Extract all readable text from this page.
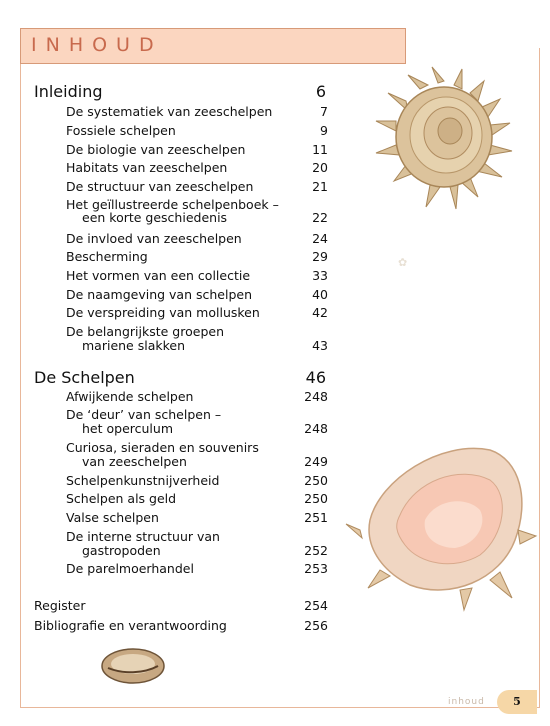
INHOUD
Inleiding	6
De systematiek van zeeschelpen	7
Fossiele schelpen	9
De biologie van zeeschelpen	11
Habitats van zeeschelpen	20
De structuur van zeeschelpen	21
Het geïllustreerde schelpenboek –
een korte geschiedenis	22
De invloed van zeeschelpen	24
Bescherming	29
Het vormen van een collectie	33
De naamgeving van schelpen	40
De verspreiding van mollusken	42
De belangrijkste groepen
mariene slakken	43
De Schelpen	46
Afwijkende schelpen	248
De ‘deur’ van schelpen –
het operculum	248
Curiosa, sieraden en souvenirs
van zeeschelpen	249
Schelpenkunstnijverheid	250
Schelpen als geld	250
Valse schelpen	251
De interne structuur van
gastropoden	252
De parelmoerhandel	253
Register	254
Bibliografie en verantwoording	256
✿
inhoud	5
